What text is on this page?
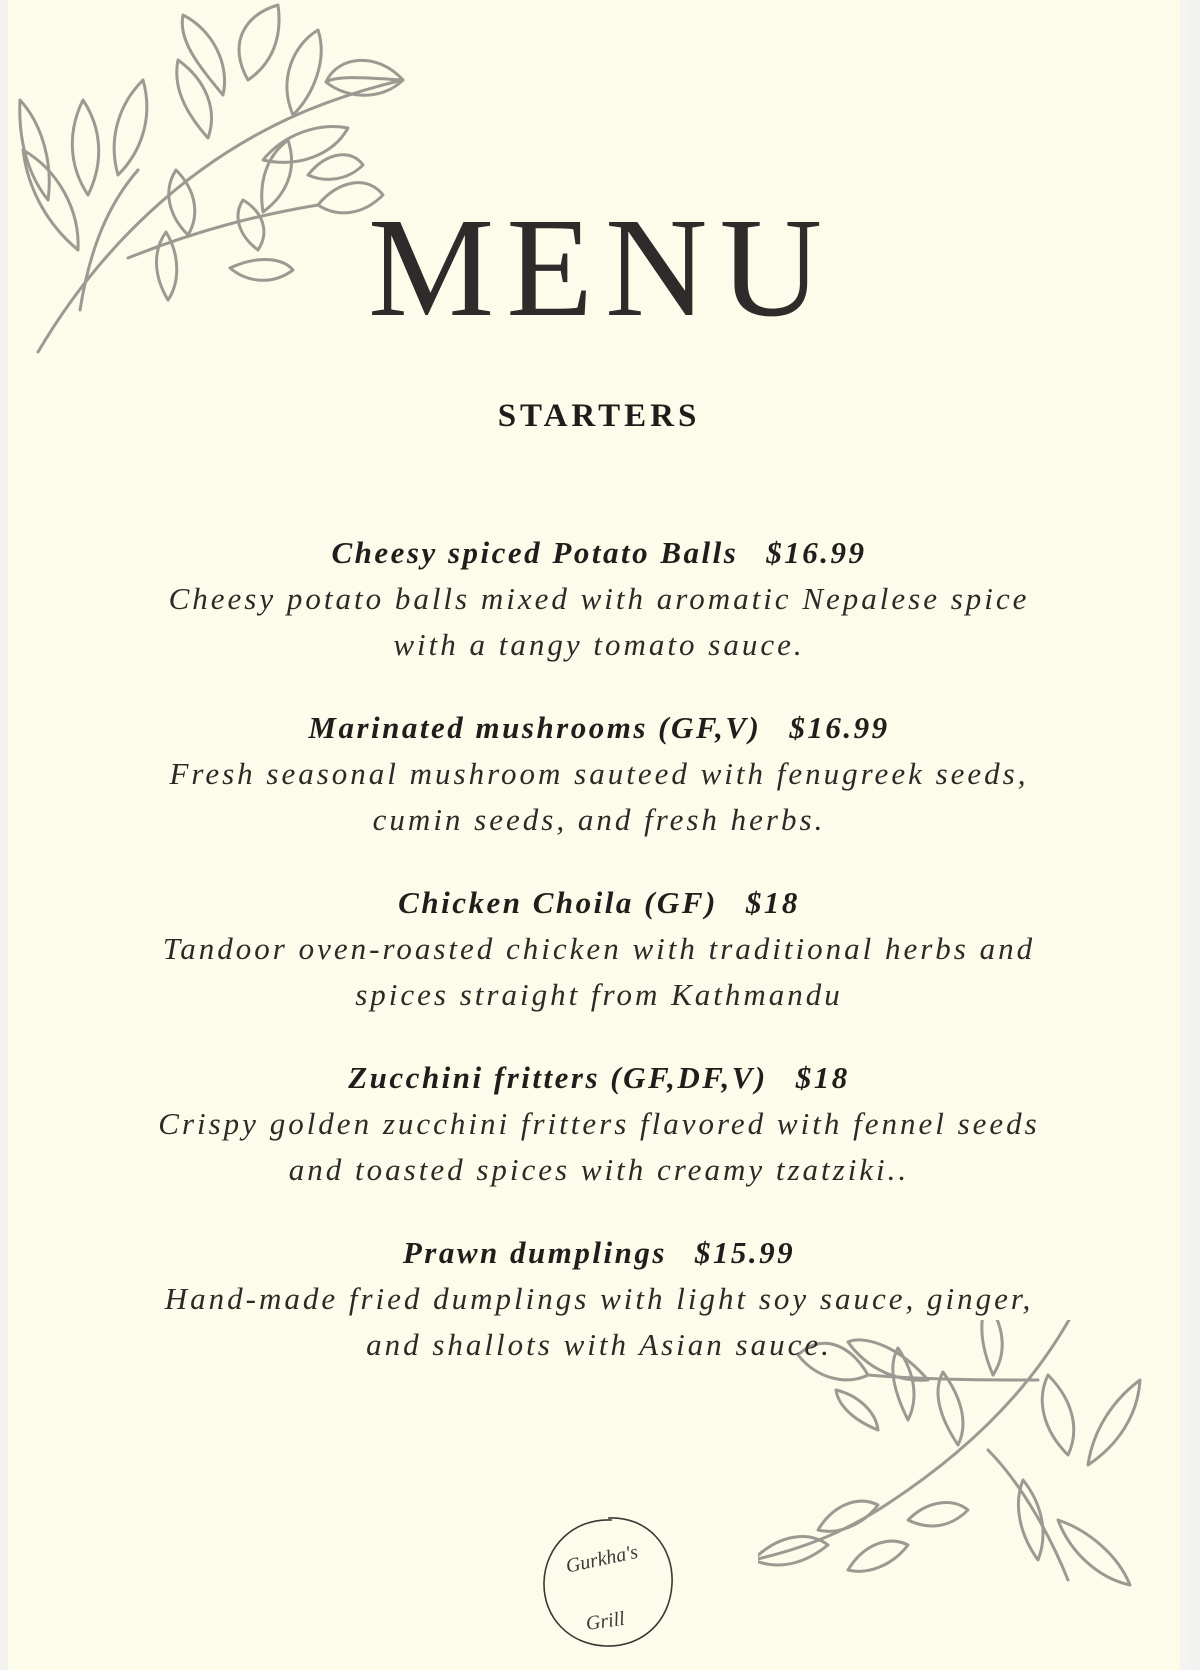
MENU
STARTERS
Cheesy spiced Potato Balls $16.99
Cheesy potato balls mixed with aromatic Nepalese spice with a tangy tomato sauce.
Marinated mushrooms (GF,V) $16.99
Fresh seasonal mushroom sauteed with fenugreek seeds, cumin seeds, and fresh herbs.
Chicken Choila (GF) $18
Tandoor oven-roasted chicken with traditional herbs and spices straight from Kathmandu
Zucchini fritters (GF,DF,V) $18
Crispy golden zucchini fritters flavored with fennel seeds and toasted spices with creamy tzatziki..
Prawn dumplings $15.99
Hand-made fried dumplings with light soy sauce, ginger, and shallots with Asian sauce.
Gurkha's
Grill
